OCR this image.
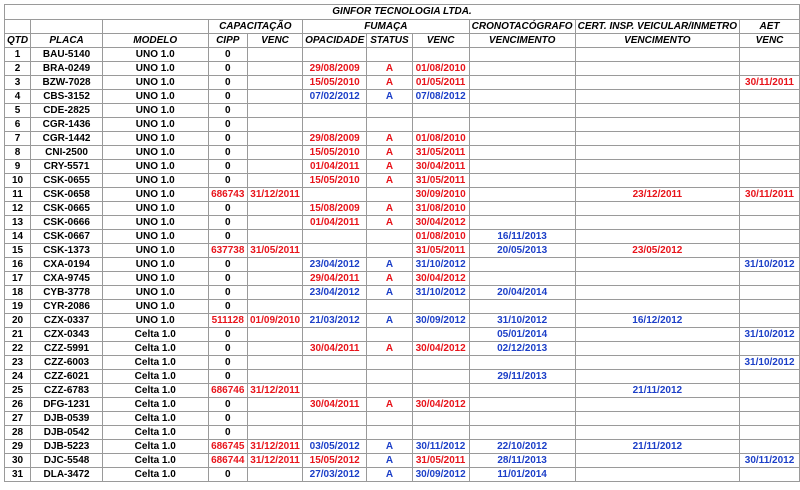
GINFOR TECNOLOGIA LTDA.										
			CAPACITAÇÃO		FUMAÇA			CRONOTACÓGRAFO	CERT. INSP. VEICULAR/INMETRO	AET
QTD	PLACA	MODELO	CIPP	VENC	OPACIDADE	STATUS	VENC	VENCIMENTO	VENCIMENTO	VENC
1	BAU-5140	UNO 1.0	0							
2	BRA-0249	UNO 1.0	0		29/08/2009	A	01/08/2010			
3	BZW-7028	UNO 1.0	0		15/05/2010	A	01/05/2011			30/11/2011
4	CBS-3152	UNO 1.0	0		07/02/2012	A	07/08/2012			
5	CDE-2825	UNO 1.0	0							
6	CGR-1436	UNO 1.0	0							
7	CGR-1442	UNO 1.0	0		29/08/2009	A	01/08/2010			
8	CNI-2500	UNO 1.0	0		15/05/2010	A	31/05/2011			
9	CRY-5571	UNO 1.0	0		01/04/2011	A	30/04/2011			
10	CSK-0655	UNO 1.0	0		15/05/2010	A	31/05/2011			
11	CSK-0658	UNO 1.0	686743	31/12/2011			30/09/2010		23/12/2011	30/11/2011
12	CSK-0665	UNO 1.0	0		15/08/2009	A	31/08/2010			
13	CSK-0666	UNO 1.0	0		01/04/2011	A	30/04/2012			
14	CSK-0667	UNO 1.0	0				01/08/2010	16/11/2013		
15	CSK-1373	UNO 1.0	637738	31/05/2011			31/05/2011	20/05/2013	23/05/2012	
16	CXA-0194	UNO 1.0	0		23/04/2012	A	31/10/2012			31/10/2012
17	CXA-9745	UNO 1.0	0		29/04/2011	A	30/04/2012			
18	CYB-3778	UNO 1.0	0		23/04/2012	A	31/10/2012	20/04/2014		
19	CYR-2086	UNO 1.0	0							
20	CZX-0337	UNO 1.0	511128	01/09/2010	21/03/2012	A	30/09/2012	31/10/2012	16/12/2012	
21	CZX-0343	Celta 1.0	0					05/01/2014		31/10/2012
22	CZZ-5991	Celta 1.0	0		30/04/2011	A	30/04/2012	02/12/2013		
23	CZZ-6003	Celta 1.0	0							31/10/2012
24	CZZ-6021	Celta 1.0	0					29/11/2013		
25	CZZ-6783	Celta 1.0	686746	31/12/2011					21/11/2012	
26	DFG-1231	Celta 1.0	0		30/04/2011	A	30/04/2012			
27	DJB-0539	Celta 1.0	0							
28	DJB-0542	Celta 1.0	0							
29	DJB-5223	Celta 1.0	686745	31/12/2011	03/05/2012	A	30/11/2012	22/10/2012	21/11/2012	
30	DJC-5548	Celta 1.0	686744	31/12/2011	15/05/2012	A	31/05/2011	28/11/2013		30/11/2012
31	DLA-3472	Celta 1.0	0		27/03/2012	A	30/09/2012	11/01/2014		
